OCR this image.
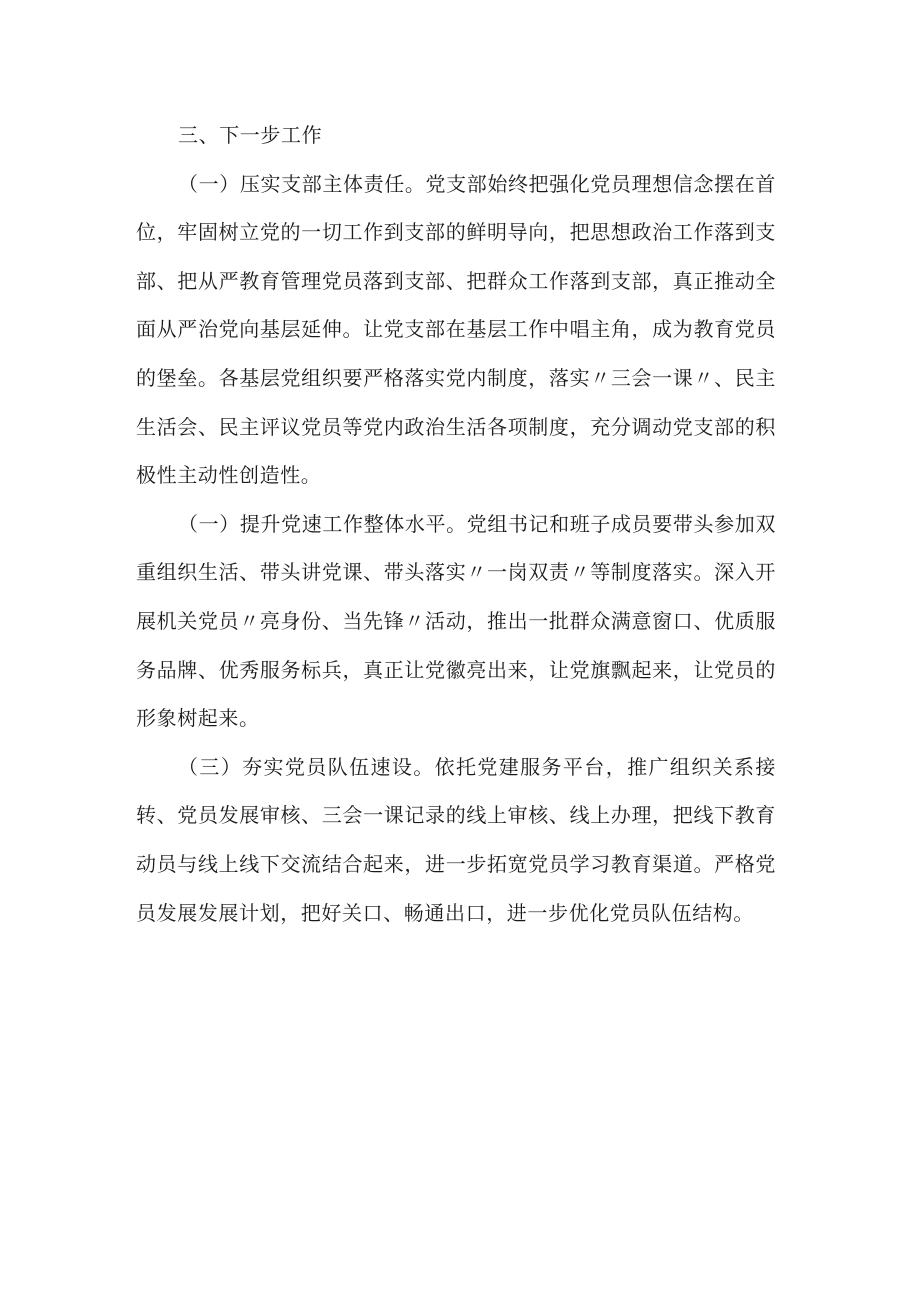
三、下一步工作

（一）压实支部主体责任。党支部始终把强化党员理想信念摆在首位，牢固树立党的一切工作到支部的鲜明导向，把思想政治工作落到支部、把从严教育管理党员落到支部、把群众工作落到支部，真正推动全面从严治党向基层延伸。让党支部在基层工作中唱主角，成为教育党员的堡垒。各基层党组织要严格落实党内制度，落实〃三会一课〃、民主生活会、民主评议党员等党内政治生活各项制度，充分调动党支部的积极性主动性创造性。

（一）提升党速工作整体水平。党组书记和班子成员要带头参加双重组织生活、带头讲党课、带头落实〃一岗双责〃等制度落实。深入开展机关党员〃亮身份、当先锋〃活动，推出一批群众满意窗口、优质服务品牌、优秀服务标兵，真正让党徽亮出来，让党旗飘起来，让党员的形象树起来。

（三）夯实党员队伍速设。依托党建服务平台，推广组织关系接转、党员发展审核、三会一课记录的线上审核、线上办理，把线下教育动员与线上线下交流结合起来，进一步拓宽党员学习教育渠道。严格党员发展发展计划，把好关口、畅通出口，进一步优化党员队伍结构。
